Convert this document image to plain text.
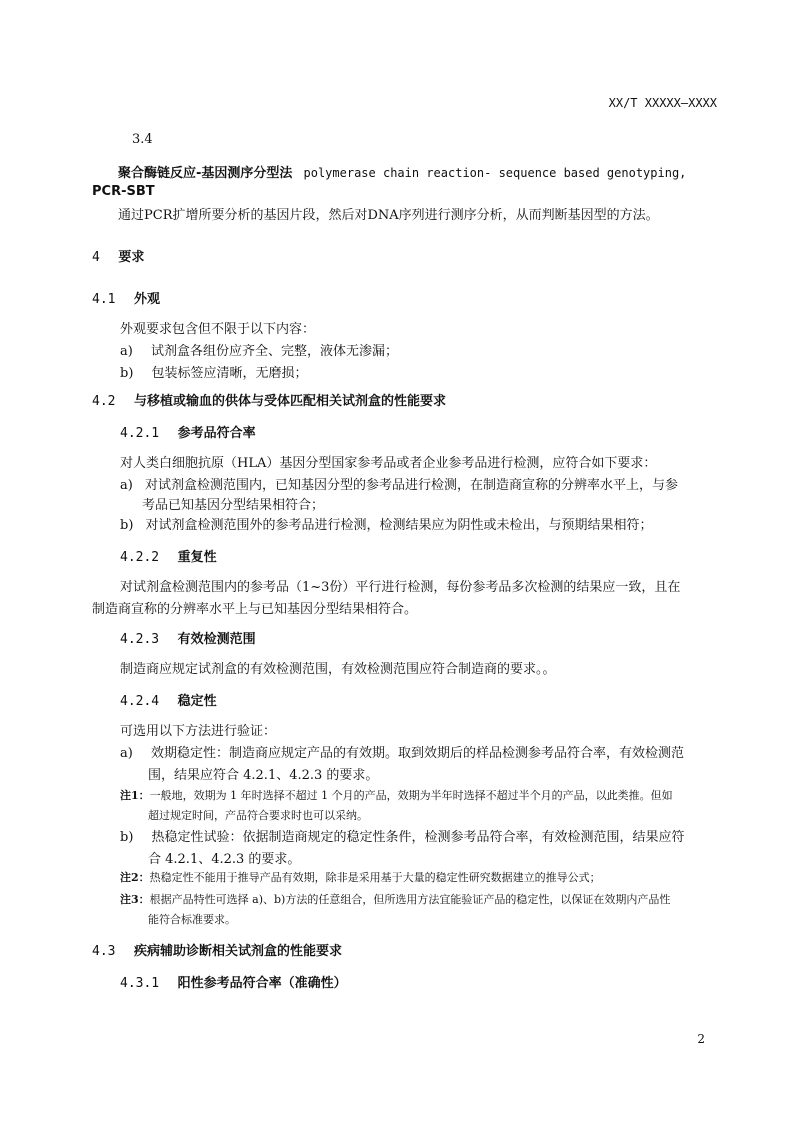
XX/T XXXXX—XXXX
3.4
聚合酶链反应-基因测序分型法 polymerase chain reaction- sequence based genotyping,
PCR-SBT
通过PCR扩增所要分析的基因片段，然后对DNA序列进行测序分析，从而判断基因型的方法。
4 要求
4.1 外观
外观要求包含但不限于以下内容：
a) 试剂盒各组份应齐全、完整，液体无渗漏；
b) 包装标签应清晰，无磨损；
4.2 与移植或输血的供体与受体匹配相关试剂盒的性能要求
4.2.1 参考品符合率
对人类白细胞抗原（HLA）基因分型国家参考品或者企业参考品进行检测，应符合如下要求：
a) 对试剂盒检测范围内，已知基因分型的参考品进行检测，在制造商宣称的分辨率水平上，与参
考品已知基因分型结果相符合；
b) 对试剂盒检测范围外的参考品进行检测，检测结果应为阴性或未检出，与预期结果相符；
4.2.2 重复性
对试剂盒检测范围内的参考品（1~3份）平行进行检测，每份参考品多次检测的结果应一致，且在
制造商宣称的分辨率水平上与已知基因分型结果相符合。
4.2.3 有效检测范围
制造商应规定试剂盒的有效检测范围，有效检测范围应符合制造商的要求。。
4.2.4 稳定性
可选用以下方法进行验证：
a) 效期稳定性：制造商应规定产品的有效期。取到效期后的样品检测参考品符合率，有效检测范
围，结果应符合 4.2.1、4.2.3 的要求。
注1：一般地，效期为 1 年时选择不超过 1 个月的产品，效期为半年时选择不超过半个月的产品，以此类推。但如
超过规定时间，产品符合要求时也可以采纳。
b) 热稳定性试验：依据制造商规定的稳定性条件，检测参考品符合率，有效检测范围，结果应符
合 4.2.1、4.2.3 的要求。
注2：热稳定性不能用于推导产品有效期，除非是采用基于大量的稳定性研究数据建立的推导公式；
注3：根据产品特性可选择 a)、b)方法的任意组合，但所选用方法宜能验证产品的稳定性，以保证在效期内产品性
能符合标准要求。
4.3 疾病辅助诊断相关试剂盒的性能要求
4.3.1 阳性参考品符合率（准确性）
2
